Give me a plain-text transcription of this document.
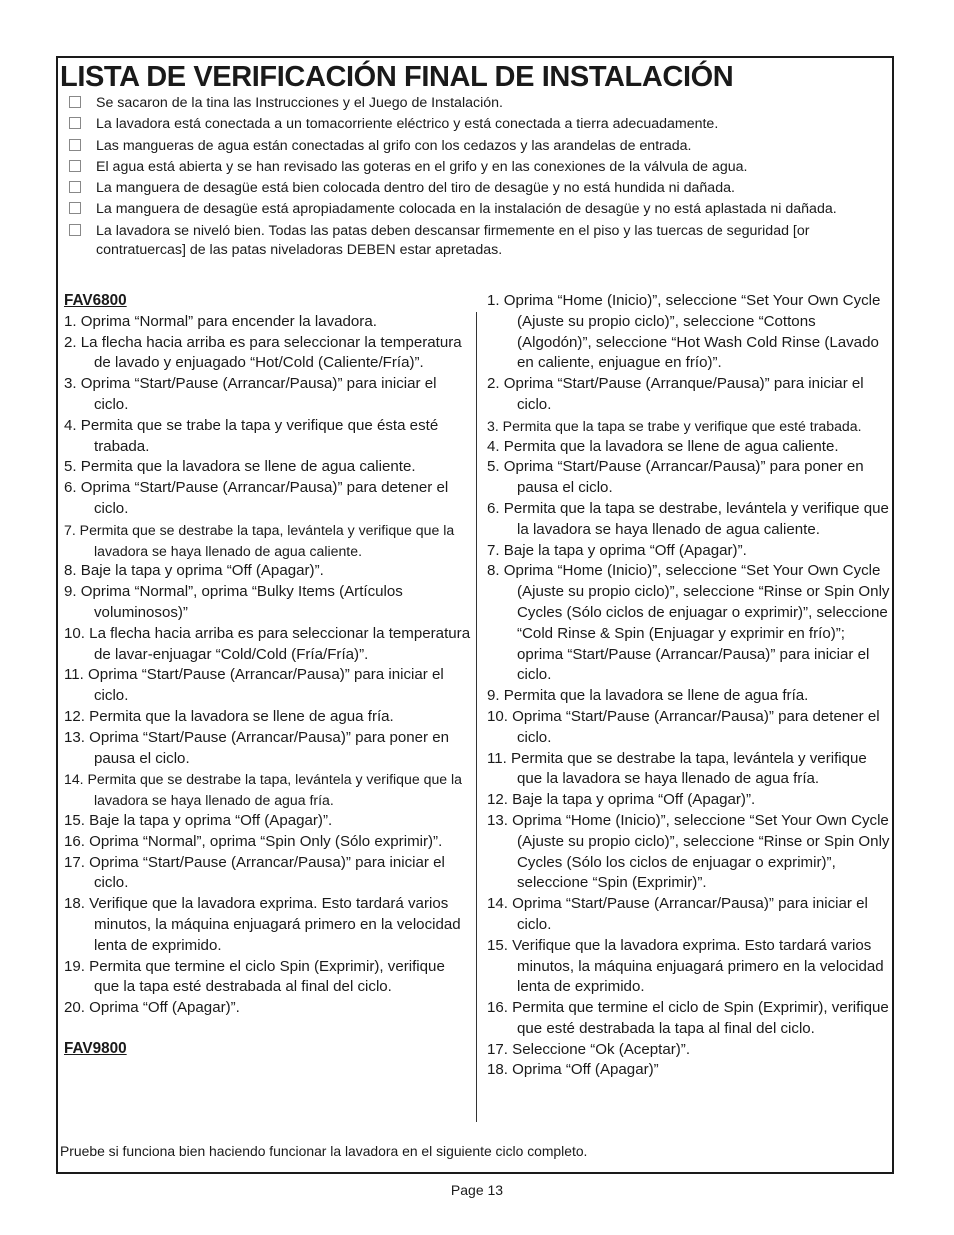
LISTA DE VERIFICACIÓN FINAL DE INSTALACIÓN
Se sacaron de la tina las Instrucciones y el Juego de Instalación.
La lavadora está conectada a un tomacorriente eléctrico y está conectada a tierra adecuadamente.
Las mangueras de agua están conectadas al grifo con los cedazos y las arandelas de entrada.
El agua está abierta y se han revisado las goteras en el grifo y en las conexiones de la válvula de agua.
La manguera de desagüe está bien colocada dentro del tiro de desagüe y no está hundida ni dañada.
La manguera de desagüe está apropiadamente colocada en la instalación de desagüe y no está aplastada ni dañada.
La lavadora se niveló bien. Todas las patas deben descansar firmemente en el piso y las tuercas de seguridad [or contratuercas] de las patas niveladoras DEBEN estar apretadas.
FAV6800
1. Oprima “Normal” para encender la lavadora.
2. La flecha hacia arriba es para seleccionar la temperatura de lavado y enjuagado “Hot/Cold (Caliente/Fría)”.
3. Oprima “Start/Pause (Arrancar/Pausa)” para iniciar el ciclo.
4. Permita que se trabe la tapa y verifique que ésta esté trabada.
5. Permita que la lavadora se llene de agua caliente.
6. Oprima “Start/Pause (Arrancar/Pausa)” para detener el ciclo.
7. Permita que se destrabe la tapa, levántela y verifique que la lavadora se haya llenado de agua caliente.
8. Baje la tapa y oprima “Off (Apagar)”.
9. Oprima “Normal”, oprima “Bulky Items (Artículos voluminosos)”
10. La flecha hacia arriba es para seleccionar la temperatura de lavar-enjuagar “Cold/Cold (Fría/Fría)”.
11. Oprima “Start/Pause (Arrancar/Pausa)” para iniciar el ciclo.
12. Permita que la lavadora se llene de agua fría.
13. Oprima “Start/Pause (Arrancar/Pausa)” para poner en pausa el ciclo.
14. Permita que se destrabe la tapa, levántela y verifique que la lavadora se haya llenado de agua fría.
15. Baje la tapa y oprima “Off (Apagar)”.
16. Oprima “Normal”, oprima “Spin Only (Sólo exprimir)”.
17. Oprima “Start/Pause (Arrancar/Pausa)” para iniciar el ciclo.
18. Verifique que la lavadora exprima. Esto tardará varios minutos, la máquina enjuagará primero en la velocidad lenta de exprimido.
19. Permita que termine el ciclo Spin (Exprimir), verifique que la tapa esté destrabada al final del ciclo.
20. Oprima “Off (Apagar)”.
FAV9800
1. Oprima “Home (Inicio)”, seleccione “Set Your Own Cycle (Ajuste su propio ciclo)”, seleccione “Cottons (Algodón)”, seleccione “Hot Wash Cold Rinse (Lavado en caliente, enjuague en frío)”.
2. Oprima “Start/Pause (Arranque/Pausa)” para iniciar el ciclo.
3. Permita que la tapa se trabe y verifique que esté trabada.
4. Permita que la lavadora se llene de agua caliente.
5. Oprima “Start/Pause (Arrancar/Pausa)” para poner en pausa el ciclo.
6. Permita que la tapa se destrabe, levántela y verifique que la lavadora se haya llenado de agua caliente.
7. Baje la tapa y oprima “Off (Apagar)”.
8. Oprima “Home (Inicio)”, seleccione “Set Your Own Cycle (Ajuste su propio ciclo)”, seleccione “Rinse or Spin Only Cycles (Sólo ciclos de enjuagar o exprimir)”, seleccione “Cold Rinse & Spin (Enjuagar y exprimir en frío)”; oprima “Start/Pause (Arrancar/Pausa)” para iniciar el ciclo.
9. Permita que la lavadora se llene de agua fría.
10. Oprima “Start/Pause (Arrancar/Pausa)” para detener el ciclo.
11. Permita que se destrabe la tapa, levántela y verifique que la lavadora se haya llenado de agua fría.
12. Baje la tapa y oprima “Off (Apagar)”.
13. Oprima “Home (Inicio)”, seleccione “Set Your Own Cycle (Ajuste su propio ciclo)”, seleccione “Rinse or Spin Only Cycles (Sólo los ciclos de enjuagar o exprimir)”, seleccione “Spin (Exprimir)”.
14. Oprima “Start/Pause (Arrancar/Pausa)” para iniciar el ciclo.
15. Verifique que la lavadora exprima. Esto tardará varios minutos, la máquina enjuagará primero en la velocidad lenta de exprimido.
16. Permita que termine el ciclo de Spin (Exprimir), verifique que esté destrabada la tapa al final del ciclo.
17. Seleccione “Ok (Aceptar)”.
18. Oprima “Off (Apagar)”
Pruebe si funciona bien haciendo funcionar la lavadora en el siguiente ciclo completo.
Page 13
